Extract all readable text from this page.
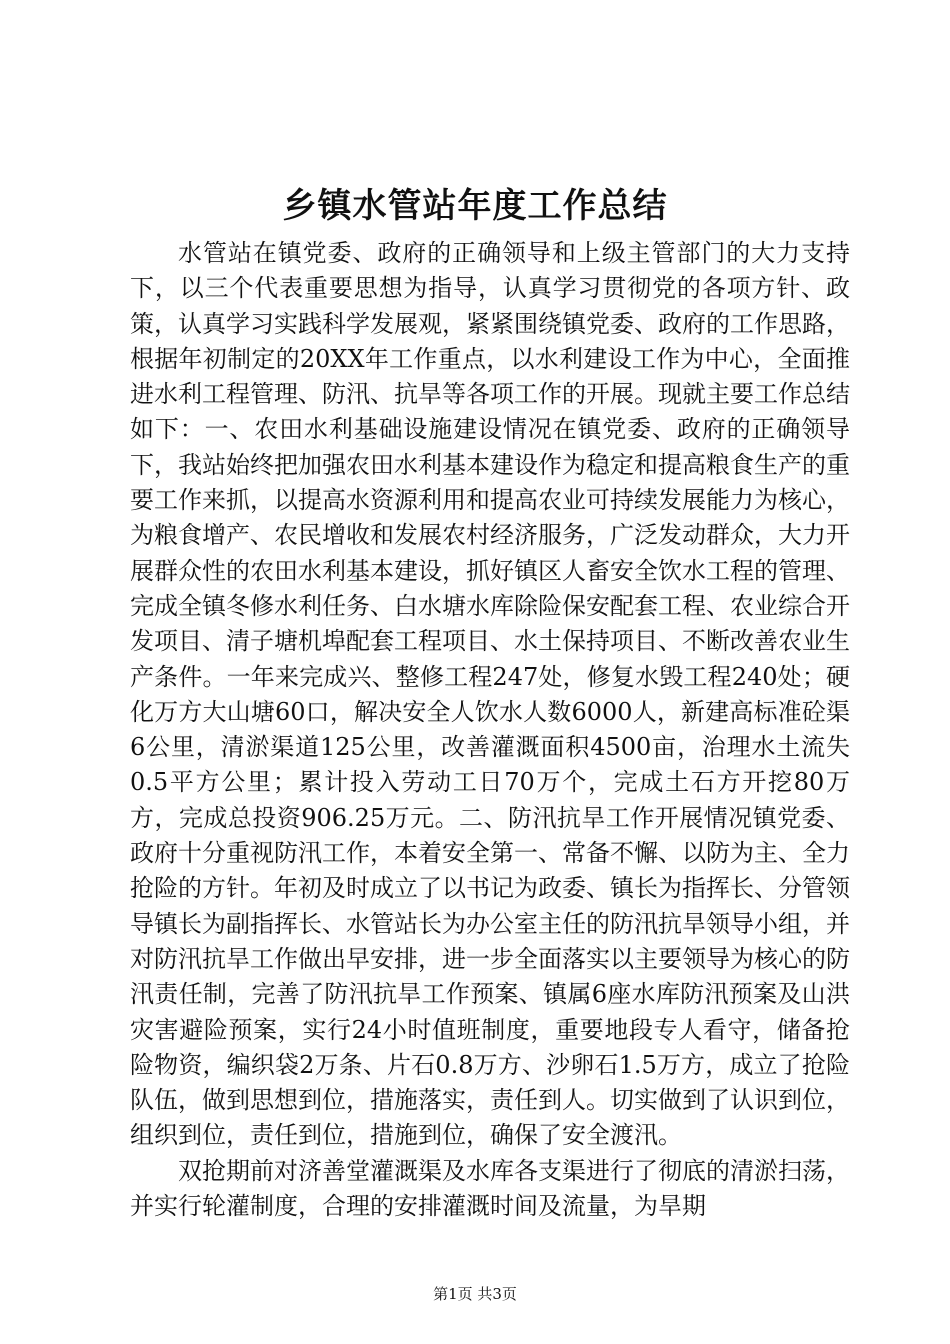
乡镇水管站年度工作总结

水管站在镇党委、政府的正确领导和上级主管部门的大力支持下，以三个代表重要思想为指导，认真学习贯彻党的各项方针、政策，认真学习实践科学发展观，紧紧围绕镇党委、政府的工作思路，根据年初制定的20XX年工作重点，以水利建设工作为中心，全面推进水利工程管理、防汛、抗旱等各项工作的开展。现就主要工作总结如下：一、农田水利基础设施建设情况在镇党委、政府的正确领导下，我站始终把加强农田水利基本建设作为稳定和提高粮食生产的重要工作来抓，以提高水资源利用和提高农业可持续发展能力为核心，为粮食增产、农民增收和发展农村经济服务，广泛发动群众，大力开展群众性的农田水利基本建设，抓好镇区人畜安全饮水工程的管理、完成全镇冬修水利任务、白水塘水库除险保安配套工程、农业综合开发项目、清子塘机埠配套工程项目、水土保持项目、不断改善农业生产条件。一年来完成兴、整修工程247处，修复水毁工程240处；硬化万方大山塘60口，解决安全人饮水人数6000人，新建高标准砼渠6公里，清淤渠道125公里，改善灌溉面积4500亩，治理水土流失0.5平方公里；累计投入劳动工日70万个，完成土石方开挖80万方，完成总投资906.25万元。二、防汛抗旱工作开展情况镇党委、政府十分重视防汛工作，本着安全第一、常备不懈、以防为主、全力抢险的方针。年初及时成立了以书记为政委、镇长为指挥长、分管领导镇长为副指挥长、水管站长为办公室主任的防汛抗旱领导小组，并对防汛抗旱工作做出早安排，进一步全面落实以主要领导为核心的防汛责任制，完善了防汛抗旱工作预案、镇属6座水库防汛预案及山洪灾害避险预案，实行24小时值班制度，重要地段专人看守，储备抢险物资，编织袋2万条、片石0.8万方、沙卵石1.5万方，成立了抢险队伍，做到思想到位，措施落实，责任到人。切实做到了认识到位，组织到位，责任到位，措施到位，确保了安全渡汛。

双抢期前对济善堂灌溉渠及水库各支渠进行了彻底的清淤扫荡，并实行轮灌制度，合理的安排灌溉时间及流量，为旱期

第1页 共3页
